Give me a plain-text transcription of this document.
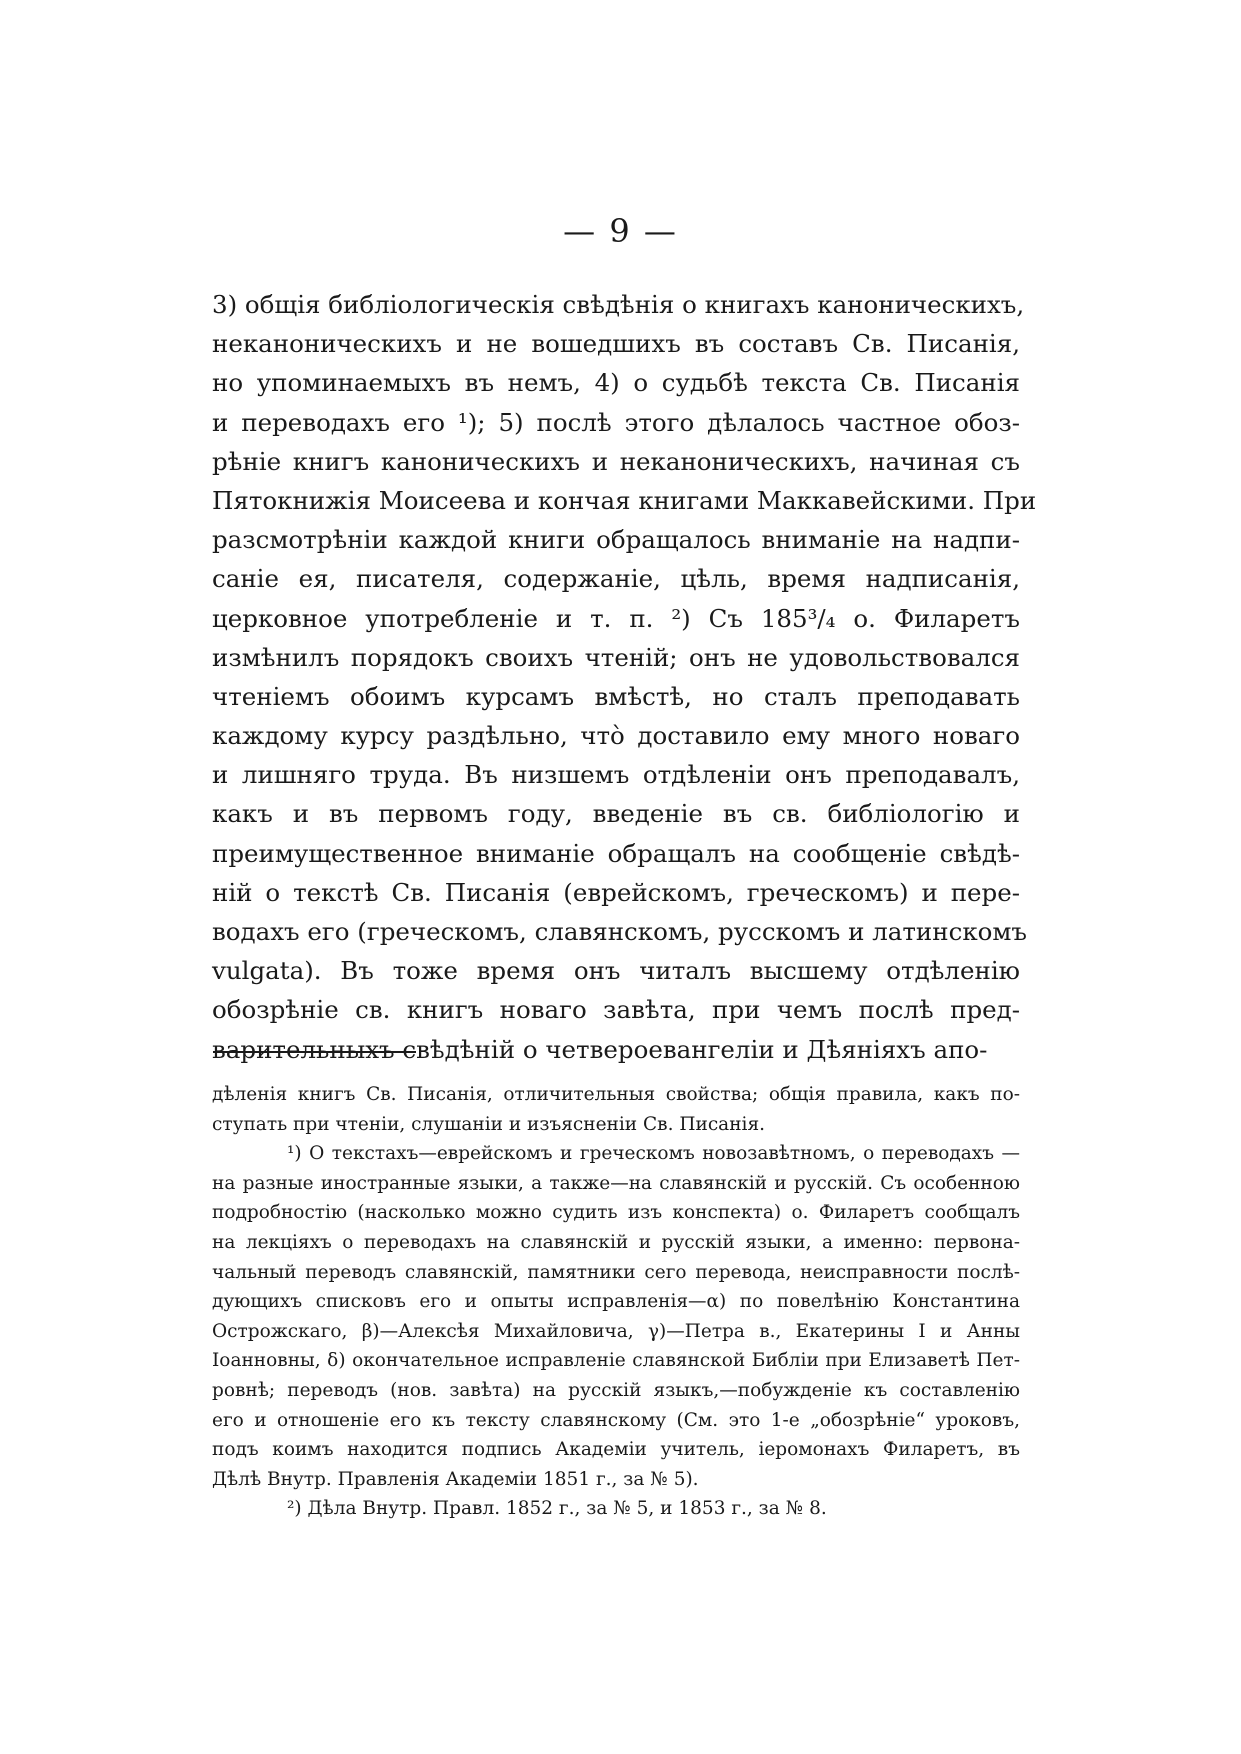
— 9 —
3) общія библіологическія свѣдѣнія о книгахъ каноническихъ,
неканоническихъ и не вошедшихъ въ составъ Св. Писанія,
но упоминаемыхъ въ немъ, 4) о судьбѣ текста Св. Писанія
и переводахъ его ¹); 5) послѣ этого дѣлалось частное обоз-
рѣніе книгъ каноническихъ и неканоническихъ, начиная съ
Пятокнижія Моисеева и кончая книгами Маккавейскими. При
разсмотрѣніи каждой книги обращалось вниманіе на надпи-
саніе ея, писателя, содержаніе, цѣль, время надписанія,
церковное употребленіе и т. п. ²) Съ 185³/₄ о. Филаретъ
измѣнилъ порядокъ своихъ чтеній; онъ не удовольствовался
чтеніемъ обоимъ курсамъ вмѣстѣ, но сталъ преподавать
каждому курсу раздѣльно, что̀ доставило ему много новаго
и лишняго труда. Въ низшемъ отдѣленіи онъ преподавалъ,
какъ и въ первомъ году, введеніе въ св. библіологію и
преимущественное вниманіе обращалъ на сообщеніе свѣдѣ-
ній о текстѣ Св. Писанія (еврейскомъ, греческомъ) и пере-
водахъ его (греческомъ, славянскомъ, русскомъ и латинскомъ
vulgata). Въ тоже время онъ читалъ высшему отдѣленію
обозрѣніе св. книгъ новаго завѣта, при чемъ послѣ пред-
варительныхъ свѣдѣній о четвероевангеліи и Дѣяніяхъ апо-
дѣленія книгъ Св. Писанія, отличительныя свойства; общія правила, какъ по-
ступать при чтеніи, слушаніи и изъясненіи Св. Писанія.
¹) О текстахъ—еврейскомъ и греческомъ новозавѣтномъ, о переводахъ —
на разные иностранные языки, а также—на славянскій и русскій. Съ особенною
подробностію (насколько можно судить изъ конспекта) о. Филаретъ сообщалъ
на лекціяхъ о переводахъ на славянскій и русскій языки, а именно: первона-
чальный переводъ славянскій, памятники сего перевода, неисправности послѣ-
дующихъ списковъ его и опыты исправленія—α) по повелѣнію Константина
Острожскаго, β)—Алексѣя Михайловича, γ)—Петра в., Екатерины I и Анны
Іоанновны, δ) окончательное исправленіе славянской Библіи при Елизаветѣ Пет-
ровнѣ; переводъ (нов. завѣта) на русскій языкъ,—побужденіе къ составленію
его и отношеніе его къ тексту славянскому (См. это 1-е „обозрѣніе“ уроковъ,
подъ коимъ находится подпись Академіи учитель, іеромонахъ Филаретъ, въ
Дѣлѣ Внутр. Правленія Академіи 1851 г., за № 5).
²) Дѣла Внутр. Правл. 1852 г., за № 5, и 1853 г., за № 8.
